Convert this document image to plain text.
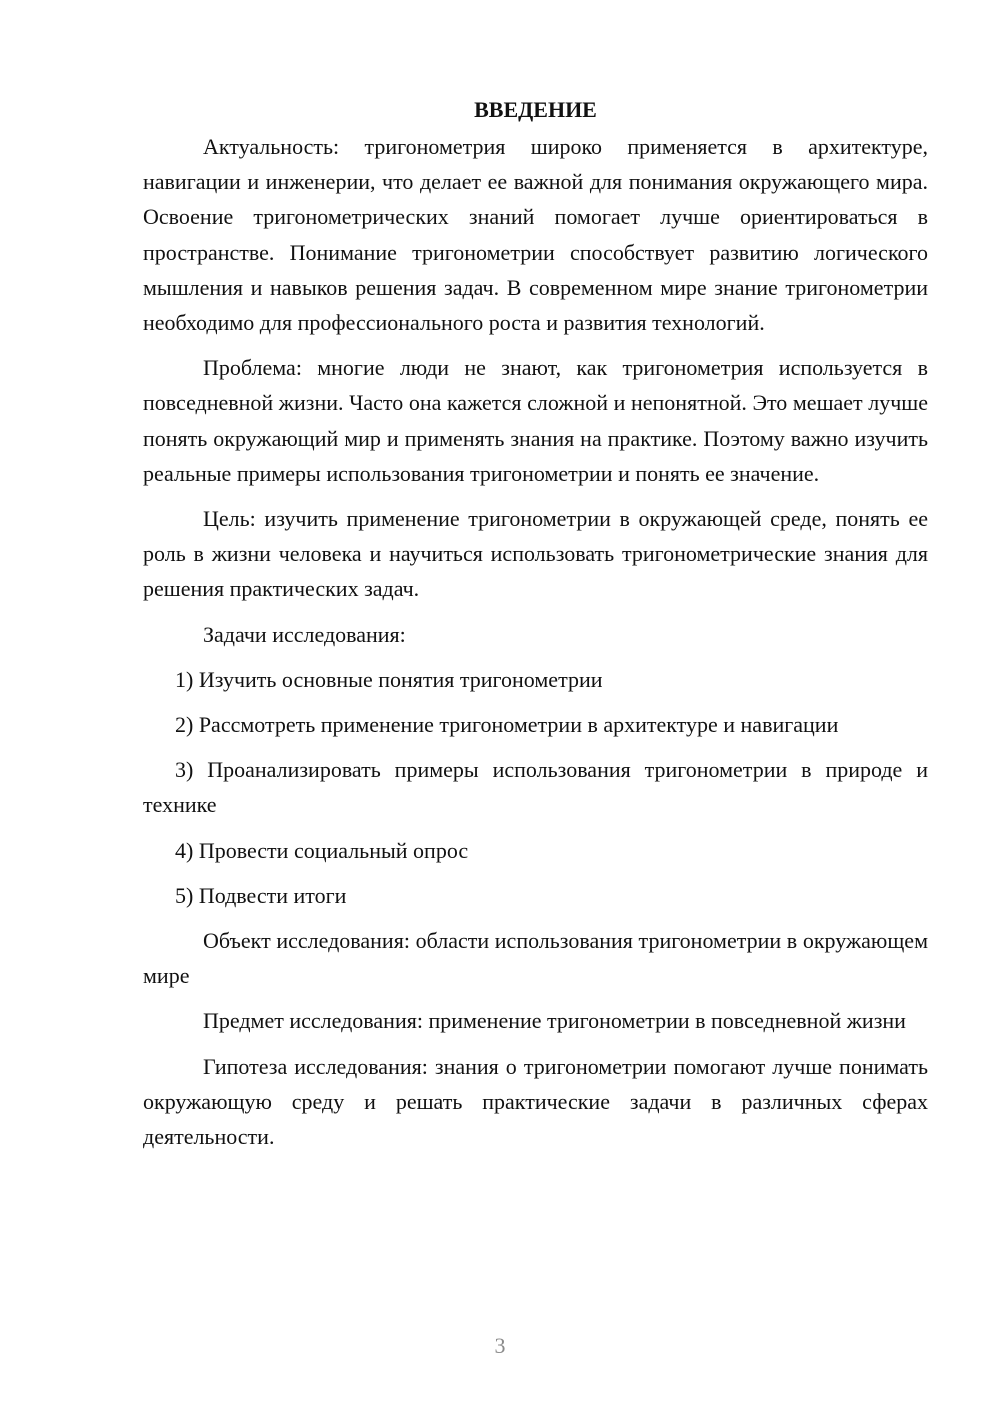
ВВЕДЕНИЕ

Актуальность: тригонометрия широко применяется в архитектуре, навигации и инженерии, что делает ее важной для понимания окружающего мира. Освоение тригонометрических знаний помогает лучше ориентироваться в пространстве. Понимание тригонометрии способствует развитию логического мышления и навыков решения задач. В современном мире знание тригонометрии необходимо для профессионального роста и развития технологий.

Проблема: многие люди не знают, как тригонометрия используется в повседневной жизни. Часто она кажется сложной и непонятной. Это мешает лучше понять окружающий мир и применять знания на практике. Поэтому важно изучить реальные примеры использования тригонометрии и понять ее значение.

Цель: изучить применение тригонометрии в окружающей среде, понять ее роль в жизни человека и научиться использовать тригонометрические знания для решения практических задач.

Задачи исследования:

1) Изучить основные понятия тригонометрии

2) Рассмотреть применение тригонометрии в архитектуре и навигации

3) Проанализировать примеры использования тригонометрии в природе и технике

4) Провести социальный опрос

5) Подвести итоги

Объект исследования: области использования тригонометрии в окружающем мире

Предмет исследования: применение тригонометрии в повседневной жизни

Гипотеза исследования: знания о тригонометрии помогают лучше понимать окружающую среду и решать практические задачи в различных сферах деятельности.

3
